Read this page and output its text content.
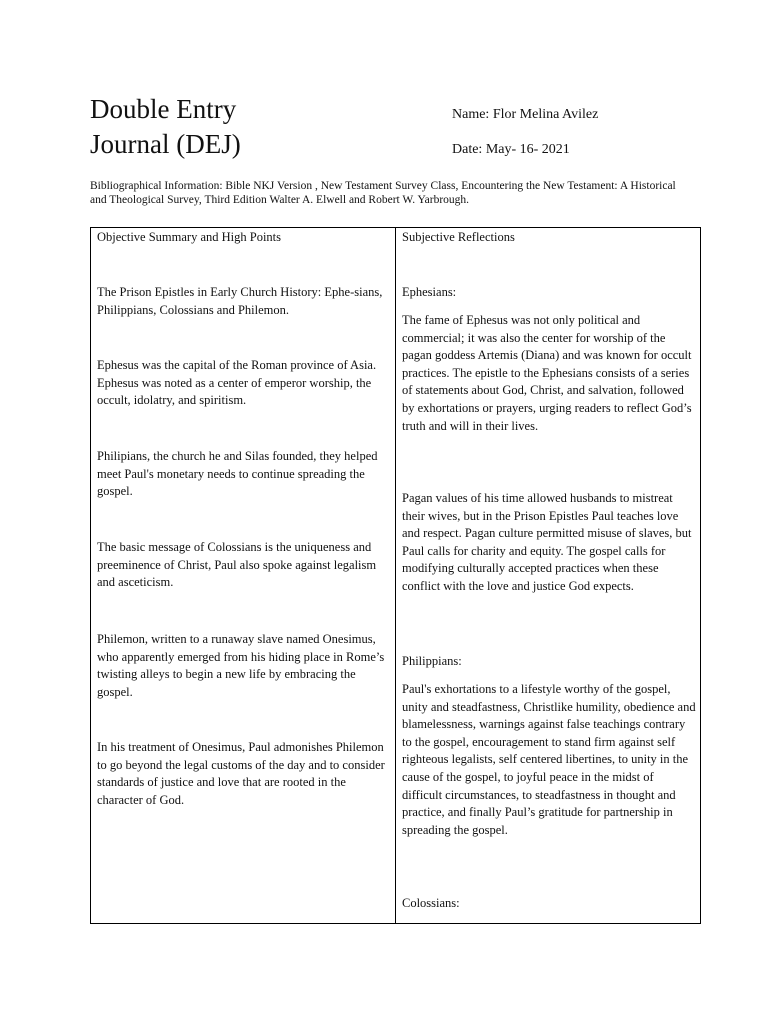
Double Entry
Journal (DEJ)
Name: Flor Melina Avilez
Date: May- 16- 2021
Bibliographical Information: Bible NKJ Version , New Testament Survey Class, Encountering the New Testament: A Historical and Theological Survey, Third Edition Walter A. Elwell and Robert W. Yarbrough.
Objective Summary and High Points

The Prison Epistles in Early Church History: Ephe-sians, Philippians, Colossians and Philemon.

Ephesus was the capital of the Roman province of Asia. Ephesus was noted as a center of emperor worship, the occult, idolatry, and spiritism.

Philipians, the church he and Silas founded, they helped meet Paul's monetary needs to continue spreading the gospel.

The basic message of Colossians is the uniqueness and preeminence of Christ, Paul also spoke against legalism and asceticism.

Philemon, written to a runaway slave named Onesimus, who apparently emerged from his hiding place in Rome’s twisting alleys to begin a new life by embracing the gospel.

In his treatment of Onesimus, Paul admonishes Philemon to go beyond the legal customs of the day and to consider standards of justice and love that are rooted in the character of God.

Subjective Reflections

Ephesians:

The fame of Ephesus was not only political and commercial; it was also the center for worship of the pagan goddess Artemis (Diana) and was known for occult practices. The epistle to the Ephesians consists of a series of statements about God, Christ, and salvation, followed by exhortations or prayers, urging readers to reflect God’s truth and will in their lives.

Pagan values of his time allowed husbands to mistreat their wives, but in the Prison Epistles Paul teaches love and respect. Pagan culture permitted misuse of slaves, but Paul calls for charity and equity. The gospel calls for modifying culturally accepted practices when these conflict with the love and justice God expects.

Philippians:

Paul's exhortations to a lifestyle worthy of the gospel, unity and steadfastness, Christlike humility, obedience and blamelessness, warnings against false teachings contrary to the gospel, encouragement to stand firm against self righteous legalists, self centered libertines, to unity in the cause of the gospel, to joyful peace in the midst of difficult circumstances, to steadfastness in thought and practice, and finally Paul’s gratitude for partnership in spreading the gospel.

Colossians:
